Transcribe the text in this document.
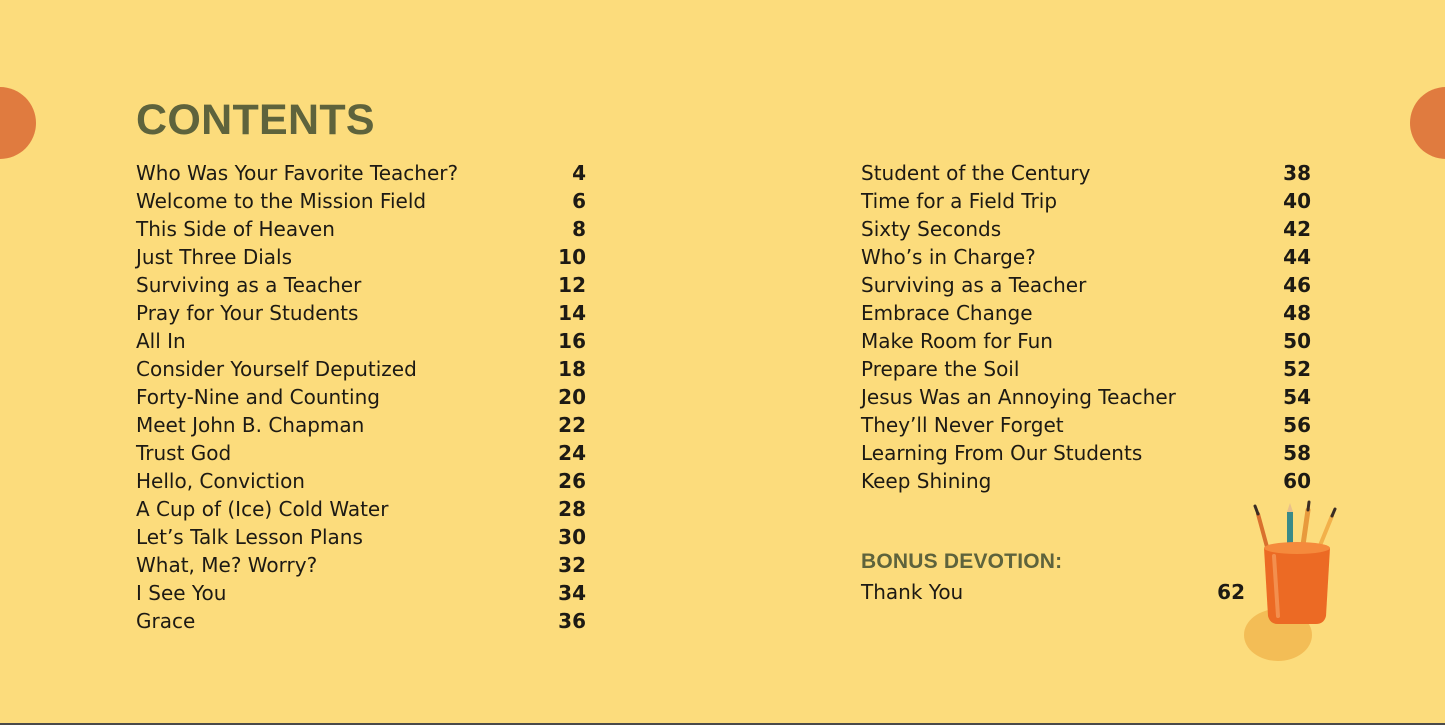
CONTENTS
Who Was Your Favorite Teacher?	4
Welcome to the Mission Field	6
This Side of Heaven	8
Just Three Dials	10
Surviving as a Teacher	12
Pray for Your Students	14
All In	16
Consider Yourself Deputized	18
Forty-Nine and Counting	20
Meet John B. Chapman	22
Trust God	24
Hello, Conviction	26
A Cup of (Ice) Cold Water	28
Let’s Talk Lesson Plans	30
What, Me? Worry?	32
I See You	34
Grace	36
Student of the Century	38
Time for a Field Trip	40
Sixty Seconds	42
Who’s in Charge?	44
Surviving as a Teacher	46
Embrace Change	48
Make Room for Fun	50
Prepare the Soil	52
Jesus Was an Annoying Teacher	54
They’ll Never Forget	56
Learning From Our Students	58
Keep Shining	60
BONUS DEVOTION:
Thank You	62
